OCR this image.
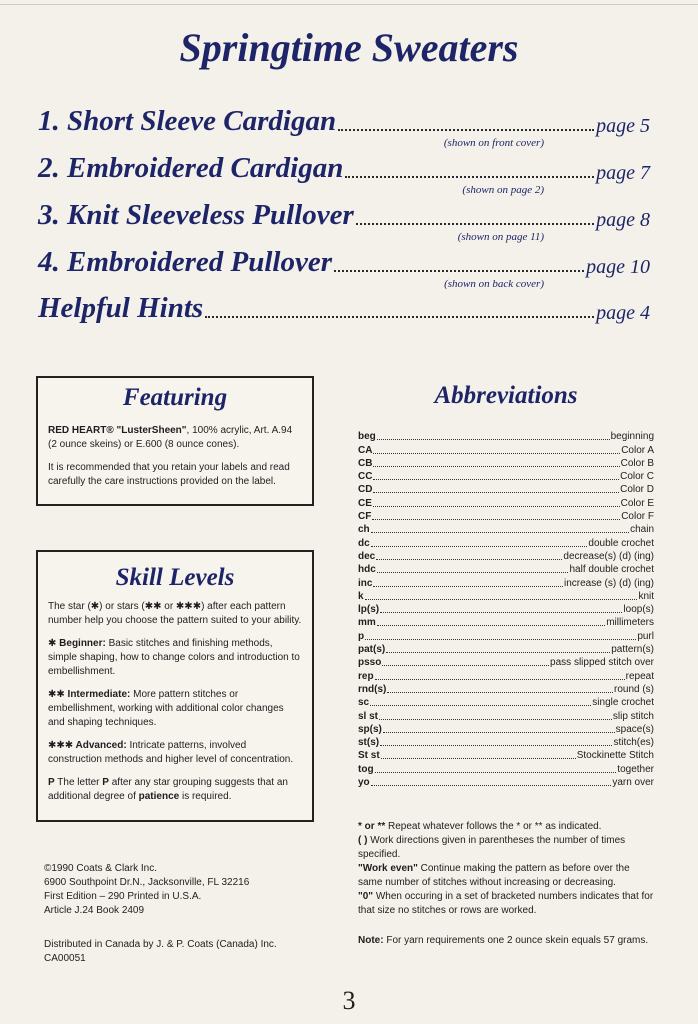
Springtime Sweaters
1. Short Sleeve Cardigan	page 5
(shown on front cover)
2. Embroidered Cardigan	page 7
(shown on page 2)
3. Knit Sleeveless Pullover	page 8
(shown on page 11)
4. Embroidered Pullover	page 10
(shown on back cover)
Helpful Hints	page 4
Featuring

RED HEART® "LusterSheen", 100% acrylic, Art. A.94 (2 ounce skeins) or E.600 (8 ounce cones).

It is recommended that you retain your labels and read carefully the care instructions provided on the label.

Skill Levels

The star (✱) or stars (✱✱ or ✱✱✱) after each pattern number help you choose the pattern suited to your ability.

✱ Beginner: Basic stitches and finishing methods, simple shaping, how to change colors and introduction to embellishment.

✱✱ Intermediate: More pattern stitches or embellishment, working with additional color changes and shaping techniques.

✱✱✱ Advanced: Intricate patterns, involved construction methods and higher level of concentration.

P The letter P after any star grouping suggests that an additional degree of patience is required.

Abbreviations
beg	beginning
CA	Color A
CB	Color B
CC	Color C
CD	Color D
CE	Color E
CF	Color F
ch	chain
dc	double crochet
dec	decrease(s) (d) (ing)
hdc	half double crochet
inc	increase (s) (d) (ing)
k	knit
lp(s)	loop(s)
mm	millimeters
p	purl
pat(s)	pattern(s)
psso	pass slipped stitch over
rep	repeat
rnd(s)	round (s)
sc	single crochet
sl st	slip stitch
sp(s)	space(s)
st(s)	stitch(es)
St st	Stockinette Stitch
tog	together
yo	yarn over

* or ** Repeat whatever follows the * or ** as indicated.

( ) Work directions given in parentheses the number of times specified.

"Work even" Continue making the pattern as before over the same number of stitches without increasing or decreasing.

"0" When occuring in a set of bracketed numbers indicates that for that size no stitches or rows are worked.

©1990 Coats & Clark Inc.
6900 Southpoint Dr.N., Jacksonville, FL 32216
First Edition – 290 Printed in U.S.A.
Article J.24 Book 2409
Distributed in Canada by J. & P. Coats (Canada) Inc.
CA00051
Note: For yarn requirements one 2 ounce skein equals 57 grams.
3
